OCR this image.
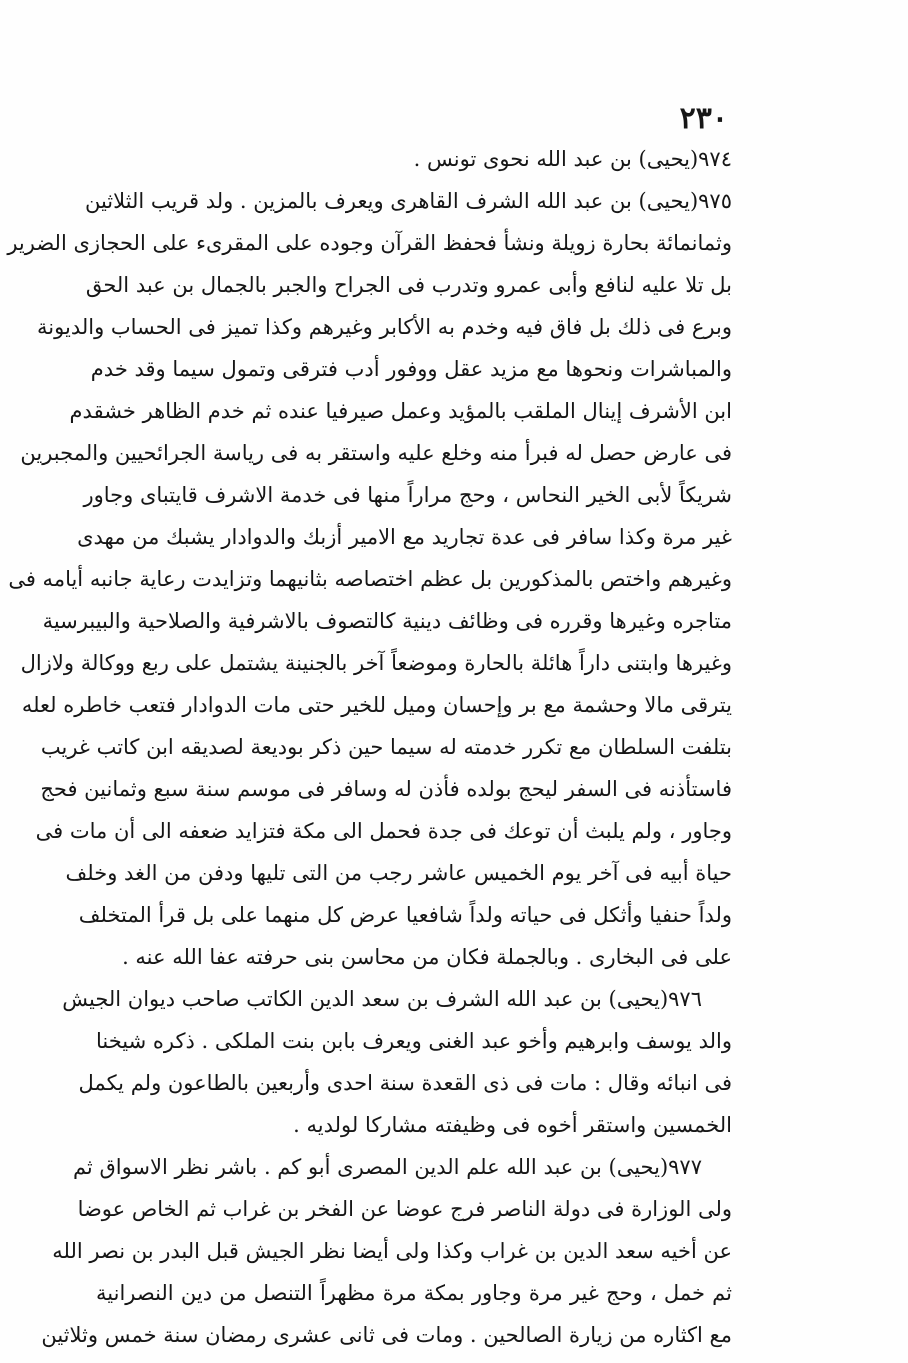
٢٣٠
٩٧٤(يحيى) بن عبد الله نحوى تونس .
٩٧٥(يحيى) بن عبد الله الشرف القاهرى ويعرف بالمزين . ولد قريب الثلاثين
وثمانمائة بحارة زويلة ونشأ فحفظ القرآن وجوده على المقرىء على الحجازى الضرير
بل تلا عليه لنافع وأبى عمرو وتدرب فى الجراح والجبر بالجمال بن عبد الحق
وبرع فى ذلك بل فاق فيه وخدم به الأكابر وغيرهم وكذا تميز فى الحساب والديونة
والمباشرات ونحوها مع مزيد عقل ووفور أدب فترقى وتمول سيما وقد خدم
ابن الأشرف إينال الملقب بالمؤيد وعمل صيرفيا عنده ثم خدم الظاهر خشقدم
فى عارض حصل له فبرأ منه وخلع عليه واستقر به فى رياسة الجرائحيين والمجبرين
شريكاً لأبى الخير النحاس ، وحج مراراً منها فى خدمة الاشرف قايتباى وجاور
غير مرة وكذا سافر فى عدة تجاريد مع الامير أزبك والدوادار يشبك من مهدى
وغيرهم واختص بالمذكورين بل عظم اختصاصه بثانيهما وتزايدت رعاية جانبه أيامه فى
متاجره وغيرها وقرره فى وظائف دينية كالتصوف بالاشرفية والصلاحية والبيبرسية
وغيرها وابتنى داراً هائلة بالحارة وموضعاً آخر بالجنينة يشتمل على ربع ووكالة ولازال
يترقى مالا وحشمة مع بر وإحسان وميل للخير حتى مات الدوادار فتعب خاطره لعله
بتلفت السلطان مع تكرر خدمته له سيما حين ذكر بوديعة لصديقه ابن كاتب غريب
فاستأذنه فى السفر ليحج بولده فأذن له وسافر فى موسم سنة سبع وثمانين فحج
وجاور ، ولم يلبث أن توعك فى جدة فحمل الى مكة فتزايد ضعفه الى أن مات فى
حياة أبيه فى آخر يوم الخميس عاشر رجب من التى تليها ودفن من الغد وخلف
ولداً حنفيا وأثكل فى حياته ولداً شافعيا عرض كل منهما على بل قرأ المتخلف
على فى البخارى . وبالجملة فكان من محاسن بنى حرفته عفا الله عنه .
٩٧٦(يحيى) بن عبد الله الشرف بن سعد الدين الكاتب صاحب ديوان الجيش
والد يوسف وابرهيم وأخو عبد الغنى ويعرف بابن بنت الملكى . ذكره شيخنا
فى انبائه وقال : مات فى ذى القعدة سنة احدى وأربعين بالطاعون ولم يكمل
الخمسين واستقر أخوه فى وظيفته مشاركا لولديه .
٩٧٧(يحيى) بن عبد الله علم الدين المصرى أبو كم . باشر نظر الاسواق ثم
ولى الوزارة فى دولة الناصر فرج عوضا عن الفخر بن غراب ثم الخاص عوضا
عن أخيه سعد الدين بن غراب وكذا ولى أيضا نظر الجيش قبل البدر بن نصر الله
ثم خمل ، وحج غير مرة وجاور بمكة مرة مظهراً التنصل من دين النصرانية
مع اكثاره من زيارة الصالحين . ومات فى ثانى عشرى رمضان سنة خمس وثلاثين
